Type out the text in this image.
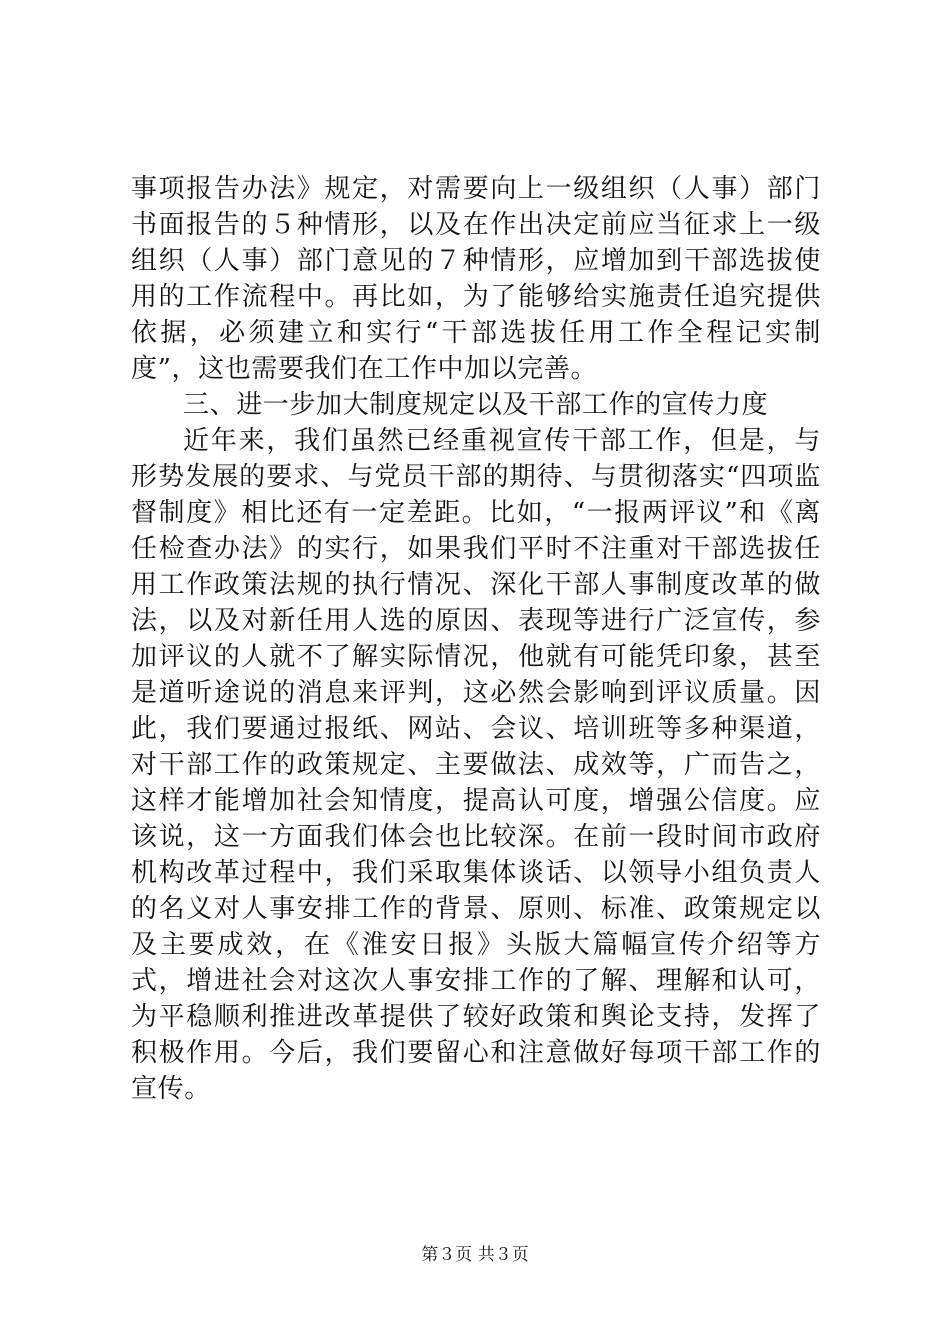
事项报告办法》规定，对需要向上一级组织（人事）部门书面报告的５种情形，以及在作出决定前应当征求上一级组织（人事）部门意见的７种情形，应增加到干部选拔使用的工作流程中。再比如，为了能够给实施责任追究提供依据，必须建立和实行“干部选拔任用工作全程记实制度”，这也需要我们在工作中加以完善。

三、进一步加大制度规定以及干部工作的宣传力度

近年来，我们虽然已经重视宣传干部工作，但是，与形势发展的要求、与党员干部的期待、与贯彻落实“四项监督制度》相比还有一定差距。比如，“一报两评议”和《离任检查办法》的实行，如果我们平时不注重对干部选拔任用工作政策法规的执行情况、深化干部人事制度改革的做法，以及对新任用人选的原因、表现等进行广泛宣传，参加评议的人就不了解实际情况，他就有可能凭印象，甚至是道听途说的消息来评判，这必然会影响到评议质量。因此，我们要通过报纸、网站、会议、培训班等多种渠道，对干部工作的政策规定、主要做法、成效等，广而告之，这样才能增加社会知情度，提高认可度，增强公信度。应该说，这一方面我们体会也比较深。在前一段时间市政府机构改革过程中，我们采取集体谈话、以领导小组负责人的名义对人事安排工作的背景、原则、标准、政策规定以及主要成效，在《淮安日报》头版大篇幅宣传介绍等方式，增进社会对这次人事安排工作的了解、理解和认可，为平稳顺利推进改革提供了较好政策和舆论支持，发挥了积极作用。今后，我们要留心和注意做好每项干部工作的宣传。

第３页 共３页
